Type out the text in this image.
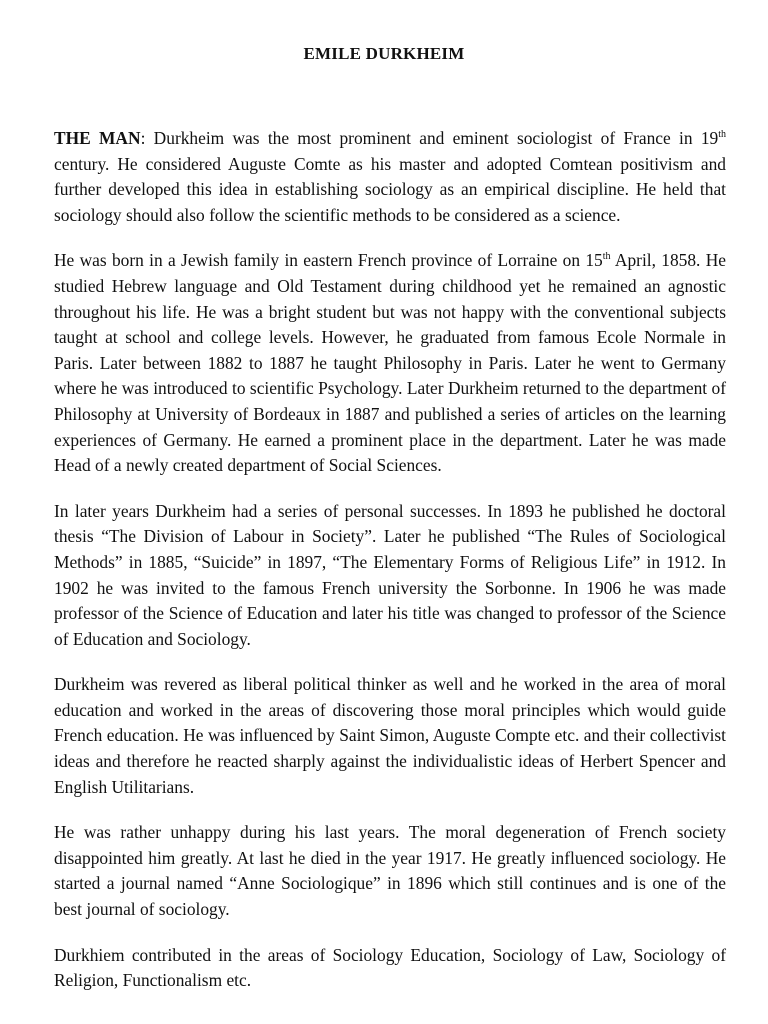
EMILE DURKHEIM

THE MAN: Durkheim was the most prominent and eminent sociologist of France in 19th century. He considered Auguste Comte as his master and adopted Comtean positivism and further developed this idea in establishing sociology as an empirical discipline. He held that sociology should also follow the scientific methods to be considered as a science.

He was born in a Jewish family in eastern French province of Lorraine on 15th April, 1858. He studied Hebrew language and Old Testament during childhood yet he remained an agnostic throughout his life. He was a bright student but was not happy with the conventional subjects taught at school and college levels. However, he graduated from famous Ecole Normale in Paris. Later between 1882 to 1887 he taught Philosophy in Paris. Later he went to Germany where he was introduced to scientific Psychology. Later Durkheim returned to the department of Philosophy at University of Bordeaux in 1887 and published a series of articles on the learning experiences of Germany. He earned a prominent place in the department. Later he was made Head of a newly created department of Social Sciences.

In later years Durkheim had a series of personal successes. In 1893 he published he doctoral thesis “The Division of Labour in Society”. Later he published “The Rules of Sociological Methods” in 1885, “Suicide” in 1897, “The Elementary Forms of Religious Life” in 1912. In 1902 he was invited to the famous French university the Sorbonne. In 1906 he was made professor of the Science of Education and later his title was changed to professor of the Science of Education and Sociology.

Durkheim was revered as liberal political thinker as well and he worked in the area of moral education and worked in the areas of discovering those moral principles which would guide French education. He was influenced by Saint Simon, Auguste Compte etc. and their collectivist ideas and therefore he reacted sharply against the individualistic ideas of Herbert Spencer and English Utilitarians.

He was rather unhappy during his last years. The moral degeneration of French society disappointed him greatly. At last he died in the year 1917. He greatly influenced sociology. He started a journal named “Anne Sociologique” in 1896 which still continues and is one of the best journal of sociology.

Durkhiem contributed in the areas of Sociology Education, Sociology of Law, Sociology of Religion, Functionalism etc.
